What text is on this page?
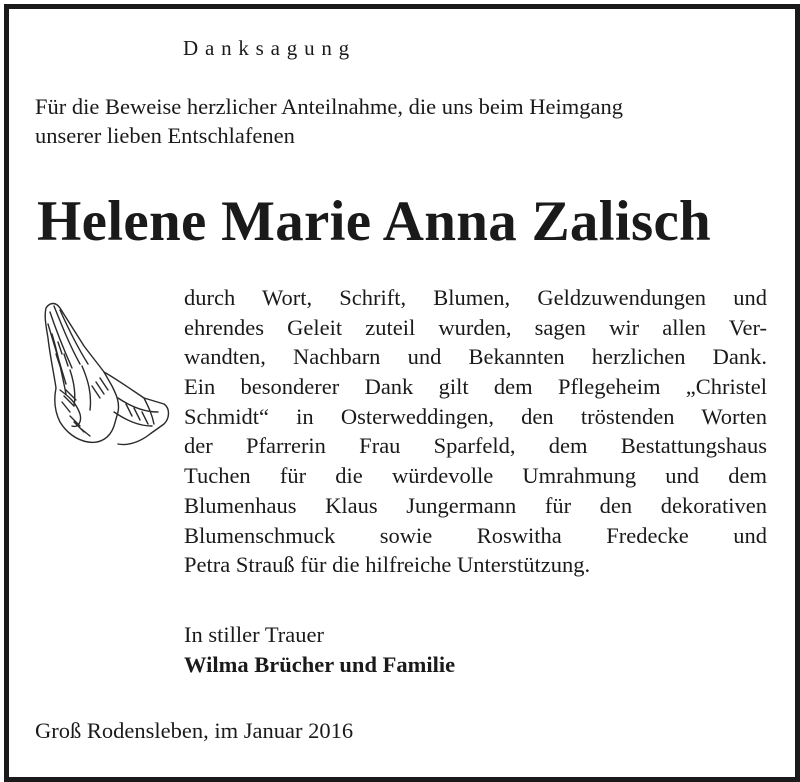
Danksagung
Für die Beweise herzlicher Anteilnahme, die uns beim Heimgang
unserer lieben Entschlafenen
Helene Marie Anna Zalisch
durch Wort, Schrift, Blumen, Geldzuwendungen und
ehrendes Geleit zuteil wurden, sagen wir allen Ver-
wandten, Nachbarn und Bekannten herzlichen Dank.
Ein besonderer Dank gilt dem Pflegeheim „Christel
Schmidt“ in Osterweddingen, den tröstenden Worten
der Pfarrerin Frau Sparfeld, dem Bestattungshaus
Tuchen für die würdevolle Umrahmung und dem
Blumenhaus Klaus Jungermann für den dekorativen
Blumenschmuck sowie Roswitha Fredecke und
Petra Strauß für die hilfreiche Unterstützung.
In stiller Trauer
Wilma Brücher und Familie
Groß Rodensleben, im Januar 2016
